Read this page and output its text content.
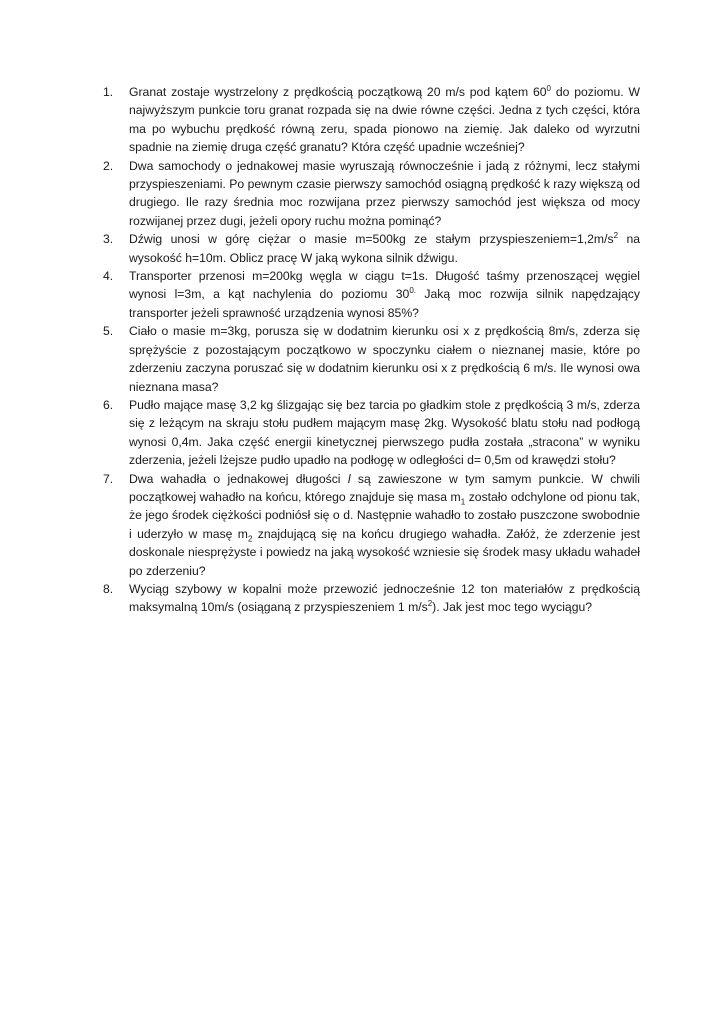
1.	Granat zostaje wystrzelony z prędkością początkową 20 m/s pod kątem $60^0$ do poziomu. W najwyższym punkcie toru granat rozpada się na dwie równe części. Jedna z tych części, która ma po wybuchu prędkość równą zeru, spada pionowo na ziemię. Jak daleko od wyrzutni spadnie na ziemię druga część granatu? Która część upadnie wcześniej?
2.	Dwa samochody o jednakowej masie wyruszają równocześnie i jadą z różnymi, lecz stałymi przyspieszeniami. Po pewnym czasie pierwszy samochód osiągną prędkość k razy większą od drugiego. Ile razy średnia moc rozwijana przez pierwszy samochód jest większa od mocy rozwijanej przez dugi, jeżeli opory ruchu można pominąć?
3.	Dźwig unosi w górę ciężar o masie m=500kg ze stałym $przyspieszeniem=1,2m/s^2$ na wysokość h=10m. Oblicz pracę W jaką wykona silnik dźwigu.
4.	Transporter przenosi m=200kg węgla w ciągu t=1s. Długość taśmy przenoszącej węgiel wynosi l=3m, a kąt nachylenia do poziomu $30^{0.}$ Jaką moc rozwija silnik napędzający transporter jeżeli sprawność urządzenia wynosi 85%?
5.	Ciało o masie m=3kg, porusza się w dodatnim kierunku osi x z prędkością 8m/s, zderza się sprężyście z pozostającym początkowo w spoczynku ciałem o nieznanej masie, które po zderzeniu zaczyna poruszać się w dodatnim kierunku osi x z prędkością 6 m/s. Ile wynosi owa nieznana masa?
6.	Pudło mające masę 3,2 kg ślizgając się bez tarcia po gładkim stole z prędkością 3 m/s, zderza się z leżącym na skraju stołu pudłem mającym masę 2kg. Wysokość blatu stołu nad podłogą wynosi 0,4m. Jaka część energii kinetycznej pierwszego pudła została „stracona” w wyniku zderzenia, jeżeli lżejsze pudło upadło na podłogę w odległości d= 0,5m od krawędzi stołu?
7.	Dwa wahadła o jednakowej długości l są zawieszone w tym samym punkcie. W chwili początkowej wahadło na końcu, którego znajduje się masa $m_1$ zostało odchylone od pionu tak, że jego środek ciężkości podniósł się o d. Następnie wahadło to zostało puszczone swobodnie i uderzyło w masę $m_2$ znajdującą się na końcu drugiego wahadła. Załóż, że zderzenie jest doskonale niesprężyste i powiedz na jaką wysokość wzniesie się środek masy układu wahadeł po zderzeniu?
8.	Wyciąg szybowy w kopalni może przewozić jednocześnie 12 ton materiałów z prędkością maksymalną 10m/s (osiąganą z przyspieszeniem 1 $m/s^2$). Jak jest moc tego wyciągu?
